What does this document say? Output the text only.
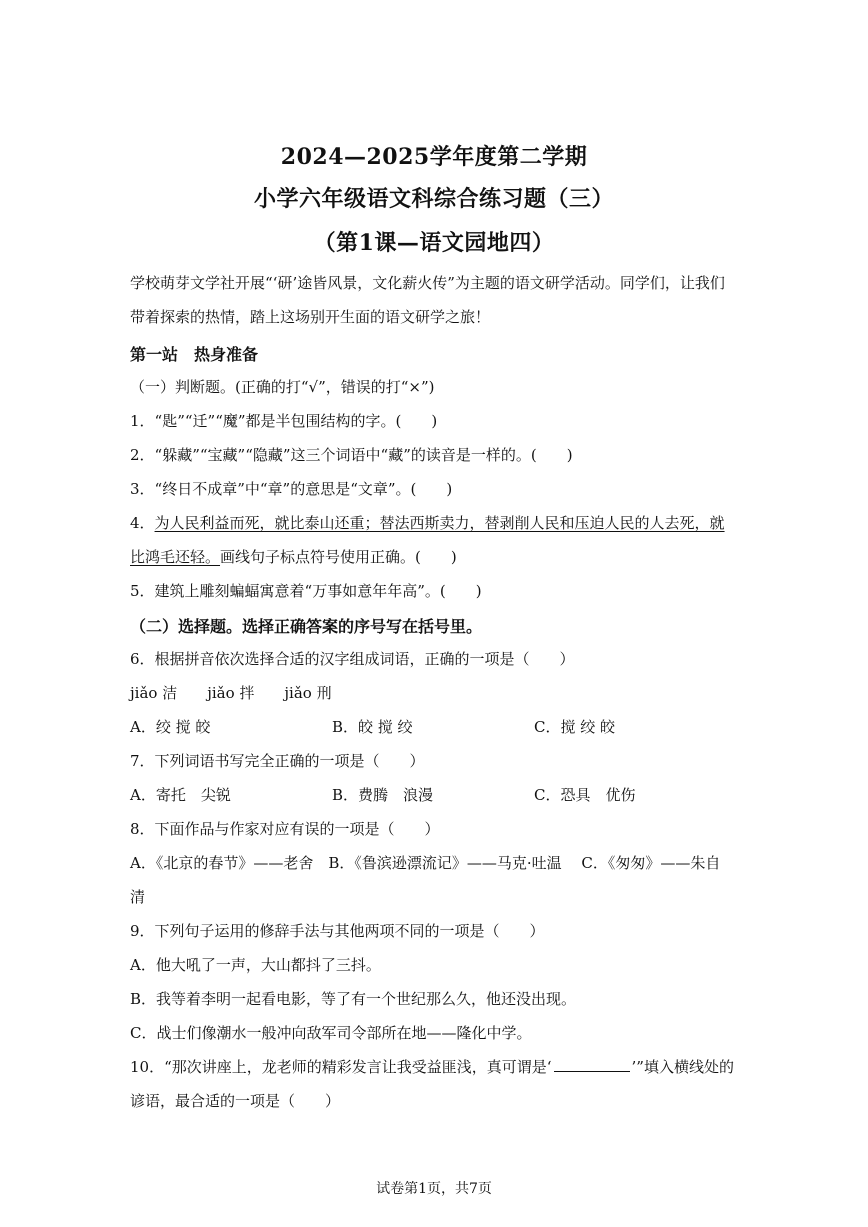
2024—2025学年度第二学期
小学六年级语文科综合练习题（三）
（第1课—语文园地四）
学校萌芽文学社开展“‘研’途皆风景，文化薪火传”为主题的语文研学活动。同学们，让我们
带着探索的热情，踏上这场别开生面的语文研学之旅！
第一站　热身准备
（一）判断题。(正确的打“√”，错误的打“×”)
1．“匙”“迁”“魔”都是半包围结构的字。(　　)
2．“躲藏”“宝藏”“隐藏”这三个词语中“藏”的读音是一样的。(　　)
3．“终日不成章”中“章”的意思是“文章”。(　　)
4．为人民利益而死，就比泰山还重；替法西斯卖力，替剥削人民和压迫人民的人去死，就
比鸿毛还轻。画线句子标点符号使用正确。(　　)
5．建筑上雕刻蝙蝠寓意着“万事如意年年高”。(　　)
（二）选择题。选择正确答案的序号写在括号里。
6．根据拼音依次选择合适的汉字组成词语，正确的一项是（　　）
jiǎo 洁　　jiǎo 拌　　jiǎo 刑
A．绞 搅 皎	B．皎 搅 绞	C．搅 绞 皎
7．下列词语书写完全正确的一项是（　　）
A．寄托　尖锐	B．费腾　浪漫	C．恐具　优伤
8．下面作品与作家对应有误的一项是（　　）
A．《北京的春节》——老舍　B．《鲁滨逊漂流记》——马克·吐温　 C．《匆匆》——朱自
清
9．下列句子运用的修辞手法与其他两项不同的一项是（　　）
A．他大吼了一声，大山都抖了三抖。
B．我等着李明一起看电影，等了有一个世纪那么久，他还没出现。
C．战士们像潮水一般冲向敌军司令部所在地——隆化中学。
10．“那次讲座上，龙老师的精彩发言让我受益匪浅，真可谓是‘	’”填入横线处的
谚语，最合适的一项是（　　）
试卷第1页，共7页
